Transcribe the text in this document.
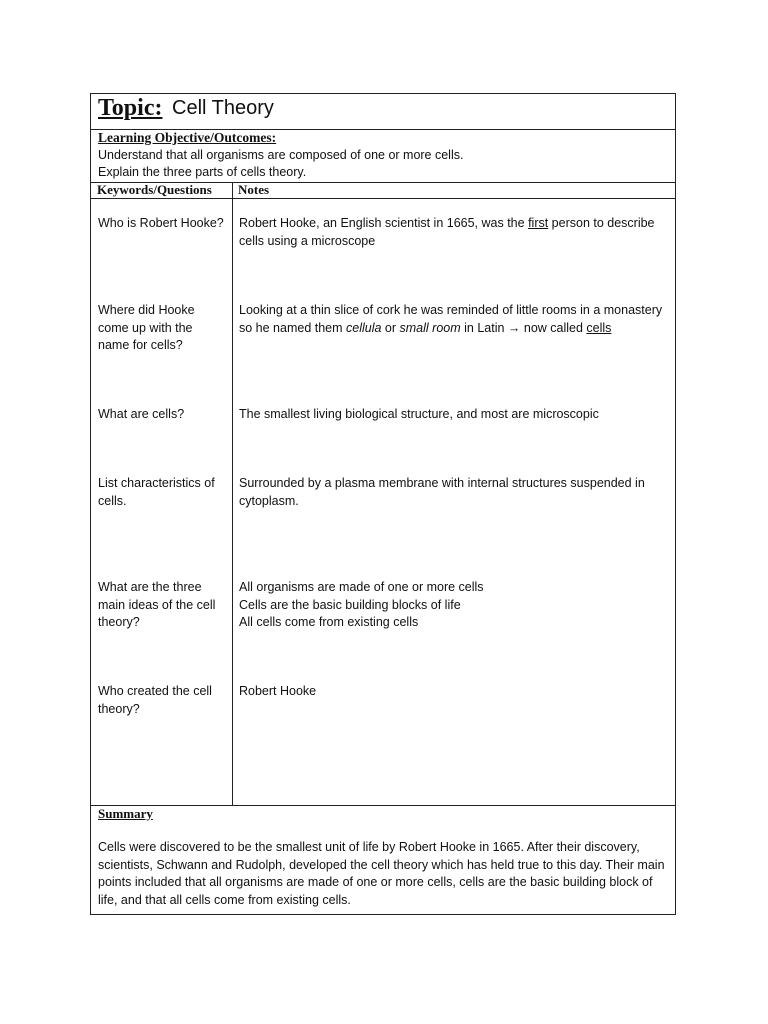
Topic: Cell Theory
Learning Objective/Outcomes:
Understand that all organisms are composed of one or more cells.
Explain the three parts of cells theory.
Keywords/Questions Notes
Who is Robert Hooke? Robert Hooke, an English scientist in 1665, was the first person to describe cells using a microscope
Where did Hooke come up with the name for cells?
Looking at a thin slice of cork he was reminded of little rooms in a monastery so he named them cellula or small room in Latin → now called cells
What are cells?	The smallest living biological structure, and most are microscopic
List characteristics of cells.
Surrounded by a plasma membrane with internal structures suspended in cytoplasm.
What are the three main ideas of the cell theory?
All organisms are made of one or more cells
Cells are the basic building blocks of life
All cells come from existing cells
Who created the cell theory?
Robert Hooke
Summary
Cells were discovered to be the smallest unit of life by Robert Hooke in 1665. After their discovery, scientists, Schwann and Rudolph, developed the cell theory which has held true to this day. Their main points included that all organisms are made of one or more cells, cells are the basic building block of life, and that all cells come from existing cells.
